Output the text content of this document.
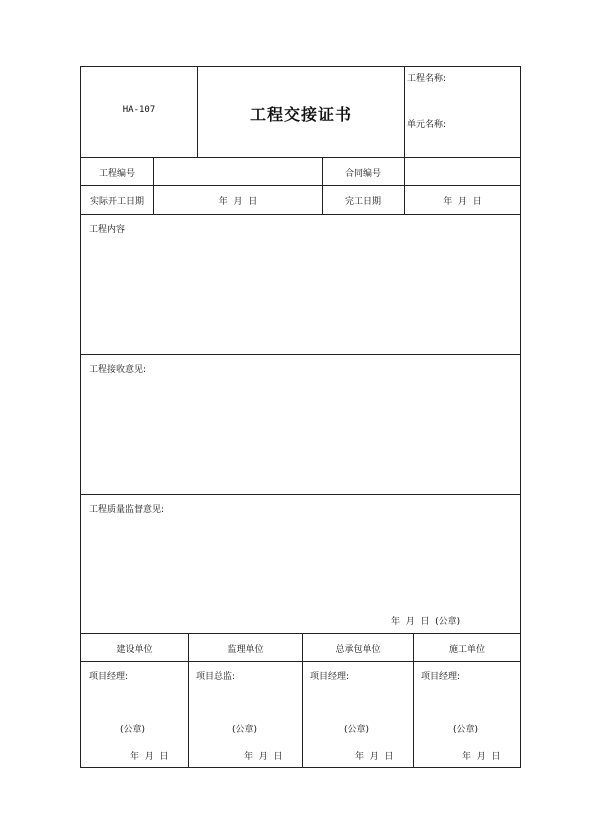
HA-107	工程交接证书
工程名称:
单元名称:
工程编号	合同编号
实际开工日期	年  月  日	完工日期	年  月  日
工程内容
工程接收意见:
工程质量监督意见:
年  月  日  (公章)
建设单位	监理单位	总承包单位	施工单位
项目经理:	项目总监:	项目经理:	项目经理:
(公章)	(公章)	(公章)	(公章)
年  月  日	年  月  日	年  月  日	年  月  日
